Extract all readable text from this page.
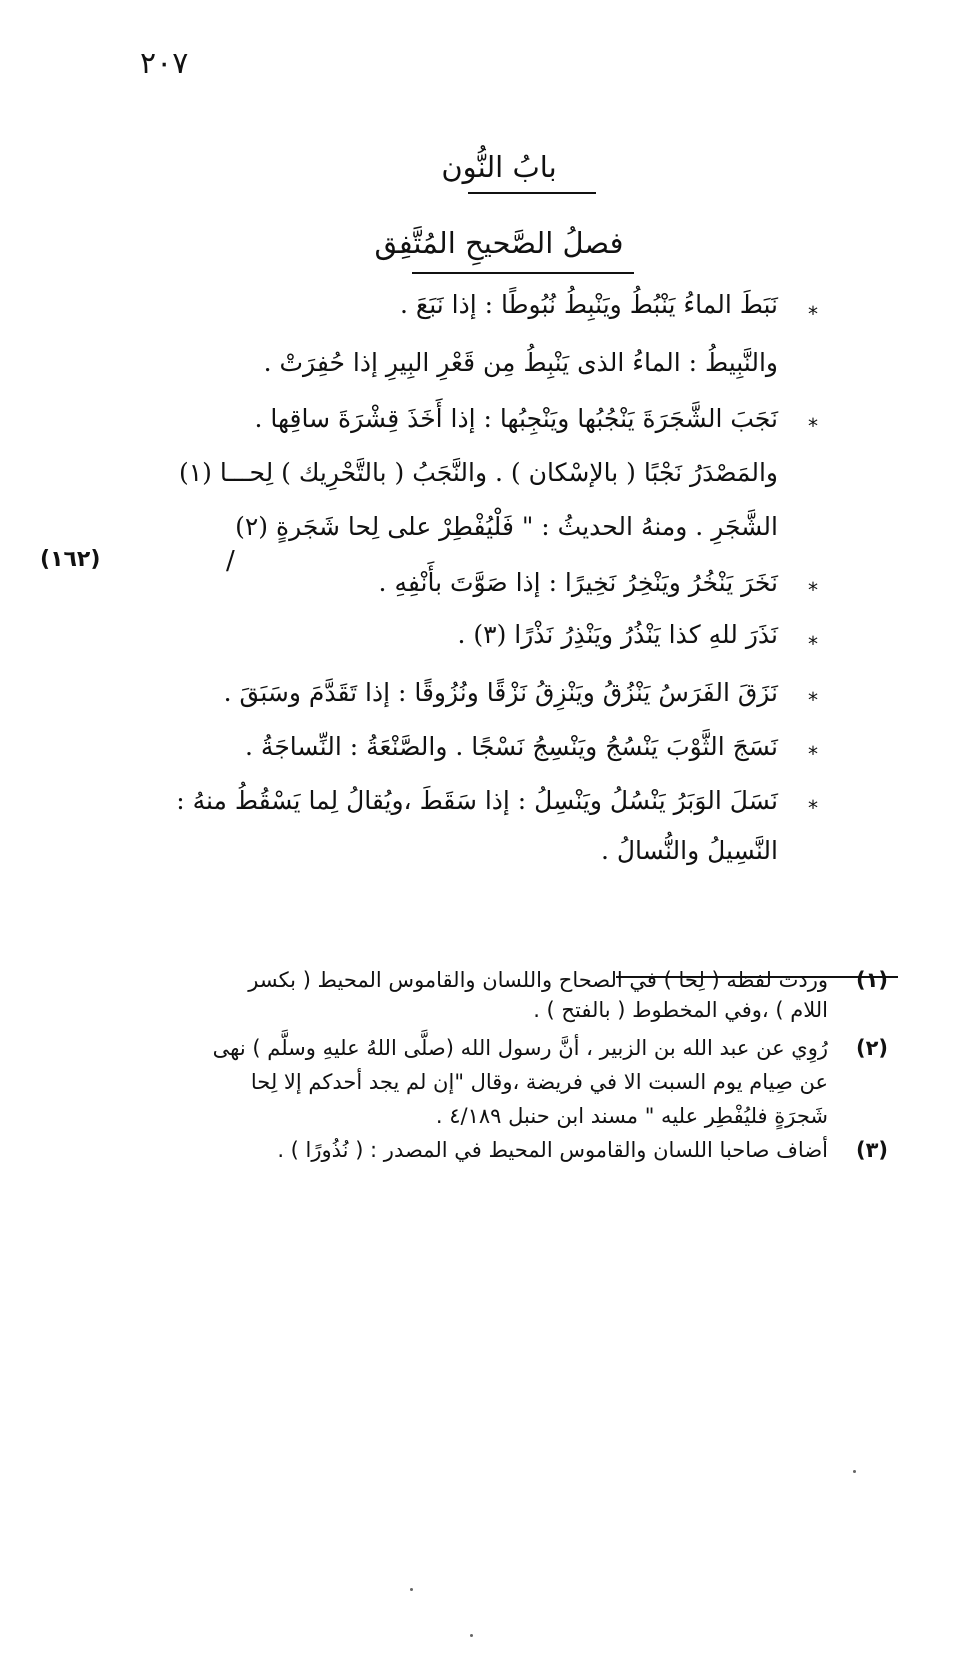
٢٠٧
بابُ النُّون
فصلُ الصَّحيحِ المُتَّفِق
*
نَبَطَ الماءُ يَنْبُطُ ويَنْبِطُ نُبُوطًا : إذا نَبَعَ .
والنَّبِيطُ : الماءُ الذى يَنْبِطُ مِن قَعْرِ البِيرِ إذا حُفِرَتْ .
*
نَجَبَ الشَّجَرَةَ يَنْجُبُها ويَنْجِبُها : إذا أَخَذَ قِشْرَةَ ساقِها .
والمَصْدَرُ نَجْبًا ( بالإسْكان ) . والنَّجَبُ ( بالتَّحْرِيك ) لِحـــا (١)
الشَّجَرِ . ومنهُ الحديثُ : " فَلْيُفْطِرْ على لِحا شَجَرةٍ (٢)
/
(١٦٢)
*
نَخَرَ يَنْخُرُ ويَنْخِرُ نَخِيرًا : إذا صَوَّتَ بأَنْفِهِ .
*
نَذَرَ للهِ كذا يَنْذُرُ ويَنْذِرُ نَذْرًا (٣) .
*
نَزَقَ الفَرَسُ يَنْزُقُ ويَنْزِقُ نَزْقًا ونُزُوقًا : إذا تَقَدَّمَ وسَبَقَ .
*
نَسَجَ الثَّوْبَ يَنْسُجُ ويَنْسِجُ نَسْجًا . والصَّنْعَةُ : النِّساجَةُ .
*
نَسَلَ الوَبَرُ يَنْسُلُ ويَنْسِلُ : إذا سَقَطَ ،ويُقالُ لِما يَسْقُطُ منهُ :
النَّسِيلُ والنُّسالُ .
(١)
وردت لفظة ( لِحا ) في الصحاح واللسان والقاموس المحيط ( بكسر
اللام ) ،وفي المخطوط ( بالفتح ) .
(٢)
رُوِي عن عبد الله بن الزبير ، أنَّ رسول الله (صلَّى اللهُ عليهِ وسلَّم ) نهى
عن صِيام يوم السبت الا في فريضة ،وقال "إن لم يجد أحدكم إلا لِحا
شَجرَةٍ فليُفْطِر عليه " مسند ابن حنبل ٤/١٨٩ .
(٣)
أضاف صاحبا اللسان والقاموس المحيط في المصدر : ( نُذُورًا ) .
